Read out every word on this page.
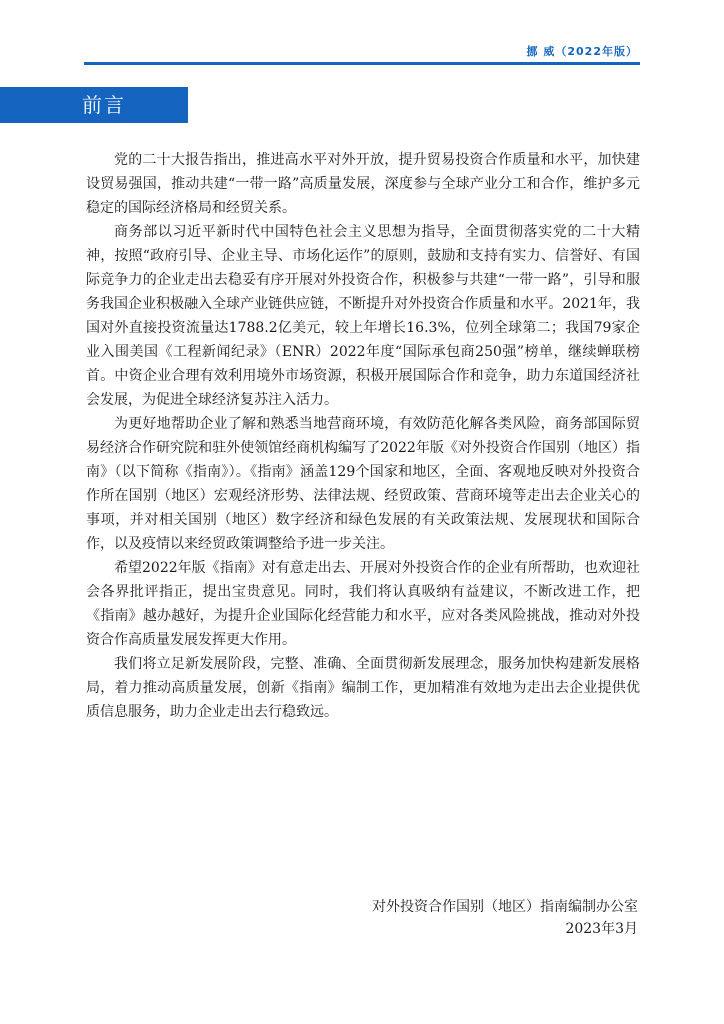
挪 威（2022年版）
前言

党的二十大报告指出，推进高水平对外开放，提升贸易投资合作质量和水平，加快建设贸易强国，推动共建“一带一路”高质量发展，深度参与全球产业分工和合作，维护多元稳定的国际经济格局和经贸关系。

商务部以习近平新时代中国特色社会主义思想为指导，全面贯彻落实党的二十大精神，按照“政府引导、企业主导、市场化运作”的原则，鼓励和支持有实力、信誉好、有国际竞争力的企业走出去稳妥有序开展对外投资合作，积极参与共建“一带一路”，引导和服务我国企业积极融入全球产业链供应链，不断提升对外投资合作质量和水平。2021年，我国对外直接投资流量达1788.2亿美元，较上年增长16.3%，位列全球第二；我国79家企业入围美国《工程新闻纪录》（ENR）2022年度“国际承包商250强”榜单，继续蝉联榜首。中资企业合理有效利用境外市场资源，积极开展国际合作和竞争，助力东道国经济社会发展，为促进全球经济复苏注入活力。

为更好地帮助企业了解和熟悉当地营商环境，有效防范化解各类风险，商务部国际贸易经济合作研究院和驻外使领馆经商机构编写了2022年版《对外投资合作国别（地区）指南》（以下简称《指南》）。《指南》涵盖129个国家和地区，全面、客观地反映对外投资合作所在国别（地区）宏观经济形势、法律法规、经贸政策、营商环境等走出去企业关心的事项，并对相关国别（地区）数字经济和绿色发展的有关政策法规、发展现状和国际合作，以及疫情以来经贸政策调整给予进一步关注。

希望2022年版《指南》对有意走出去、开展对外投资合作的企业有所帮助，也欢迎社会各界批评指正，提出宝贵意见。同时，我们将认真吸纳有益建议，不断改进工作，把《指南》越办越好，为提升企业国际化经营能力和水平，应对各类风险挑战，推动对外投资合作高质量发展发挥更大作用。

我们将立足新发展阶段，完整、准确、全面贯彻新发展理念，服务加快构建新发展格局，着力推动高质量发展，创新《指南》编制工作，更加精准有效地为走出去企业提供优质信息服务，助力企业走出去行稳致远。

对外投资合作国别（地区）指南编制办公室
2023年3月
